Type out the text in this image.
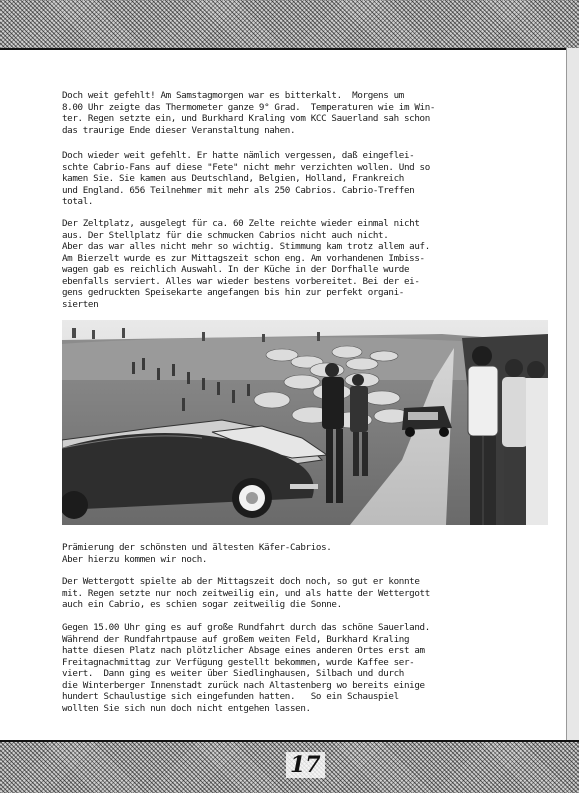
Doch weit gefehlt! Am Samstagmorgen war es bitterkalt.  Morgens um
8.00 Uhr zeigte das Thermometer ganze 9° Grad.  Temperaturen wie im Win-
ter. Regen setzte ein, und Burkhard Kraling vom KCC Sauerland sah schon
das traurige Ende dieser Veranstaltung nahen.

Doch wieder weit gefehlt. Er hatte nämlich vergessen, daß eingeflei-
schte Cabrio-Fans auf diese "Fete" nicht mehr verzichten wollen. Und so
kamen Sie. Sie kamen aus Deutschland, Belgien, Holland, Frankreich
und England. 656 Teilnehmer mit mehr als 250 Cabrios. Cabrio-Treffen
total.

Der Zeltplatz, ausgelegt für ca. 60 Zelte reichte wieder einmal nicht
aus. Der Stellplatz für die schmucken Cabrios nicht auch nicht.
Aber das war alles nicht mehr so wichtig. Stimmung kam trotz allem auf.
Am Bierzelt wurde es zur Mittagszeit schon eng. Am vorhandenen Imbiss-
wagen gab es reichlich Auswahl. In der Küche in der Dorfhalle wurde
ebenfalls serviert. Alles war wieder bestens vorbereitet. Bei der ei-
gens gedruckten Speisekarte angefangen bis hin zur perfekt organi-
sierten

Prämierung der schönsten und ältesten Käfer-Cabrios.
Aber hierzu kommen wir noch.

Der Wettergott spielte ab der Mittagszeit doch noch, so gut er konnte
mit. Regen setzte nur noch zeitweilig ein, und als hatte der Wettergott
auch ein Cabrio, es schien sogar zeitweilig die Sonne.

Gegen 15.00 Uhr ging es auf große Rundfahrt durch das schöne Sauerland.
Während der Rundfahrtpause auf großem weiten Feld, Burkhard Kraling
hatte diesen Platz nach plötzlicher Absage eines anderen Ortes erst am
Freitagnachmittag zur Verfügung gestellt bekommen, wurde Kaffee ser-
viert.  Dann ging es weiter über Siedlinghausen, Silbach und durch
die Winterberger Innenstadt zurück nach Altastenberg wo bereits einige
hundert Schaulustige sich eingefunden hatten.   So ein Schauspiel
wollten Sie sich nun doch nicht entgehen lassen.

17
